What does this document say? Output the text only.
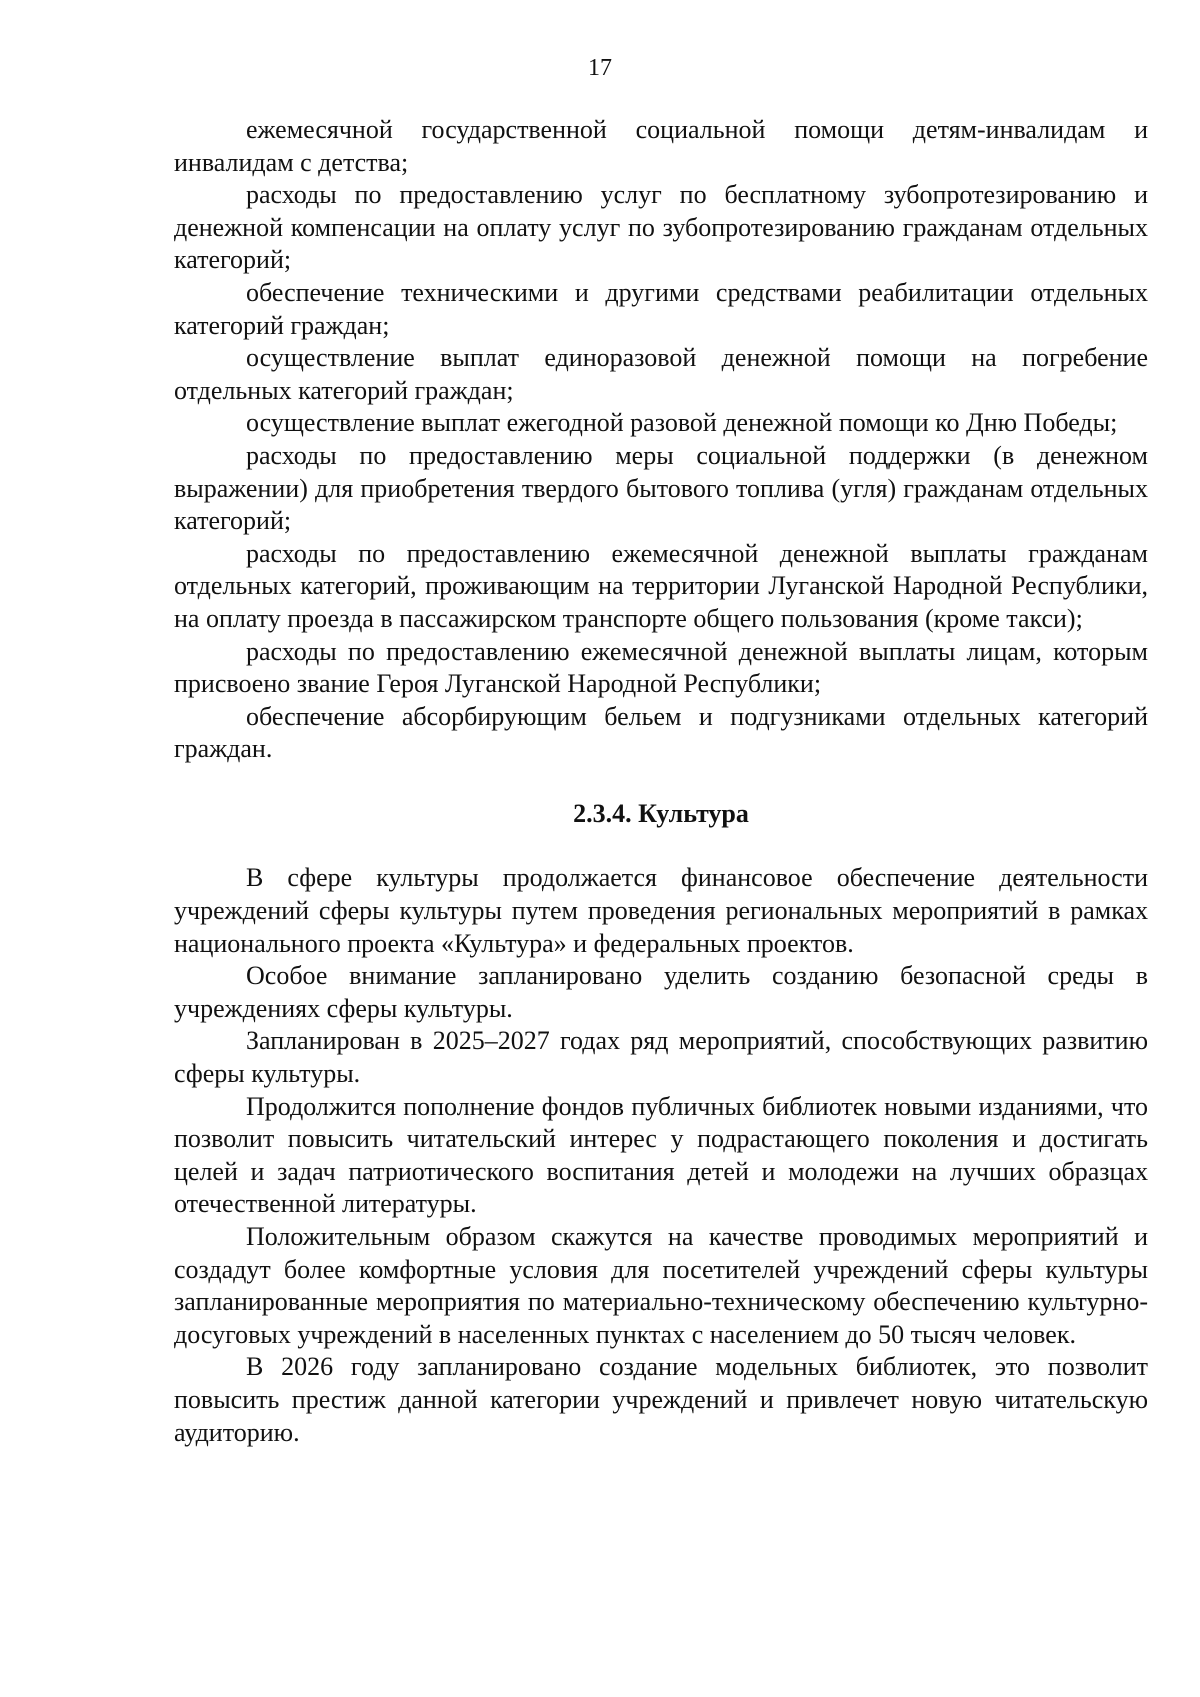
17

ежемесячной государственной социальной помощи детям-инвалидам и инвалидам с детства;

расходы по предоставлению услуг по бесплатному зубопротезированию и денежной компенсации на оплату услуг по зубопротезированию гражданам отдельных категорий;

обеспечение техническими и другими средствами реабилитации отдельных категорий граждан;

осуществление выплат единоразовой денежной помощи на погребение отдельных категорий граждан;

осуществление выплат ежегодной разовой денежной помощи ко Дню Победы;

расходы по предоставлению меры социальной поддержки (в денежном выражении) для приобретения твердого бытового топлива (угля) гражданам отдельных категорий;

расходы по предоставлению ежемесячной денежной выплаты гражданам отдельных категорий, проживающим на территории Луганской Народной Республики, на оплату проезда в пассажирском транспорте общего пользования (кроме такси);

расходы по предоставлению ежемесячной денежной выплаты лицам, которым присвоено звание Героя Луганской Народной Республики;

обеспечение абсорбирующим бельем и подгузниками отдельных категорий граждан.

2.3.4. Культура

В сфере культуры продолжается финансовое обеспечение деятельности учреждений сферы культуры путем проведения региональных мероприятий в рамках национального проекта «Культура» и федеральных проектов.

Особое внимание запланировано уделить созданию безопасной среды в учреждениях сферы культуры.

Запланирован в 2025–2027 годах ряд мероприятий, способствующих развитию сферы культуры.

Продолжится пополнение фондов публичных библиотек новыми изданиями, что позволит повысить читательский интерес у подрастающего поколения и достигать целей и задач патриотического воспитания детей и молодежи на лучших образцах отечественной литературы.

Положительным образом скажутся на качестве проводимых мероприятий и создадут более комфортные условия для посетителей учреждений сферы культуры запланированные мероприятия по материально-техническому обеспечению культурно-досуговых учреждений в населенных пунктах с населением до 50 тысяч человек.

В 2026 году запланировано создание модельных библиотек, это позволит повысить престиж данной категории учреждений и привлечет новую читательскую аудиторию.
